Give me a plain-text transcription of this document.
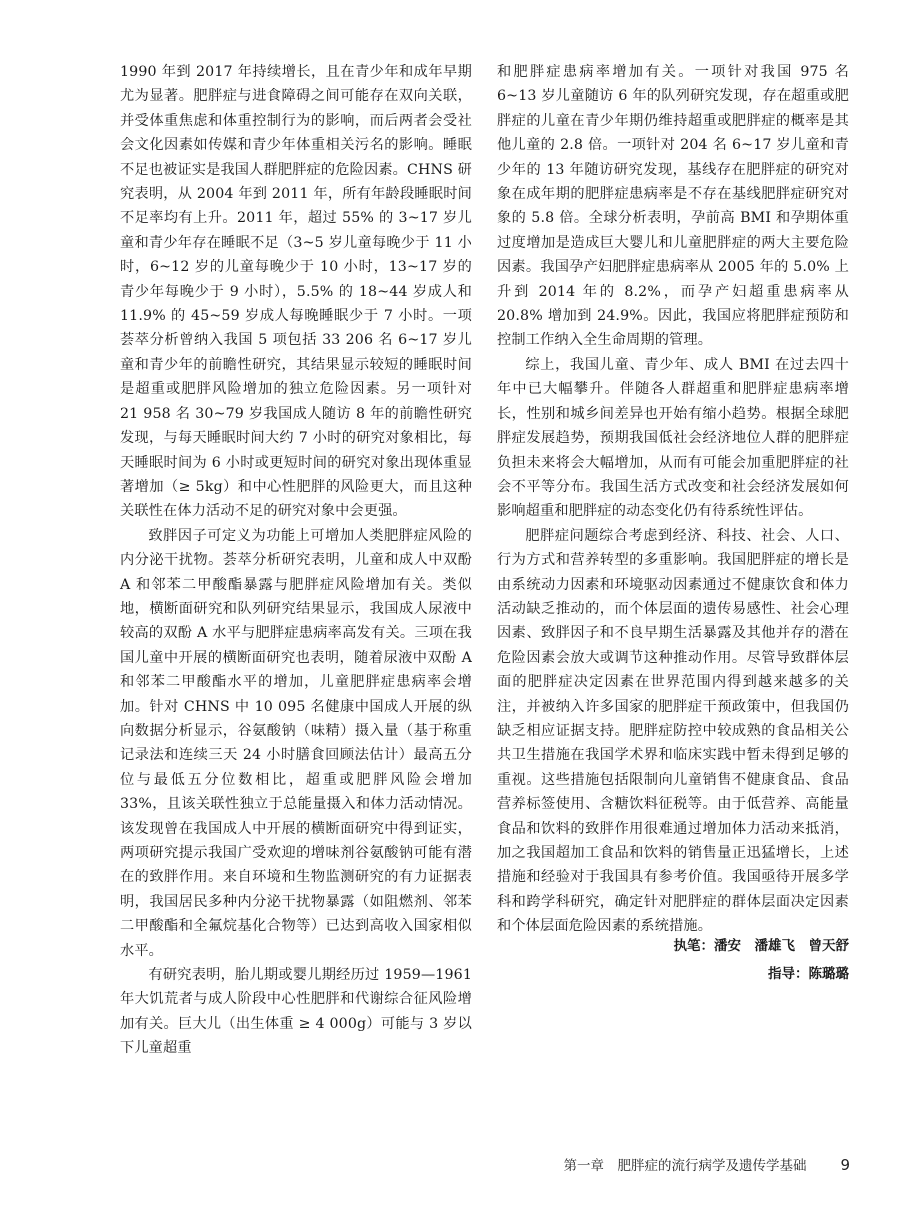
1990 年到 2017 年持续增长，且在青少年和成年早期尤为显著。肥胖症与进食障碍之间可能存在双向关联，并受体重焦虑和体重控制行为的影响，而后两者会受社会文化因素如传媒和青少年体重相关污名的影响。睡眠不足也被证实是我国人群肥胖症的危险因素。CHNS 研究表明，从 2004 年到 2011 年，所有年龄段睡眠时间不足率均有上升。2011 年，超过 55% 的 3~17 岁儿童和青少年存在睡眠不足（3~5 岁儿童每晚少于 11 小时，6~12 岁的儿童每晚少于 10 小时，13~17 岁的青少年每晚少于 9 小时），5.5% 的 18~44 岁成人和 11.9% 的 45~59 岁成人每晚睡眠少于 7 小时。一项荟萃分析曾纳入我国 5 项包括 33 206 名 6~17 岁儿童和青少年的前瞻性研究，其结果显示较短的睡眠时间是超重或肥胖风险增加的独立危险因素。另一项针对 21 958 名 30~79 岁我国成人随访 8 年的前瞻性研究发现，与每天睡眠时间大约 7 小时的研究对象相比，每天睡眠时间为 6 小时或更短时间的研究对象出现体重显著增加（≥ 5kg）和中心性肥胖的风险更大，而且这种关联性在体力活动不足的研究对象中会更强。

致胖因子可定义为功能上可增加人类肥胖症风险的内分泌干扰物。荟萃分析研究表明，儿童和成人中双酚 A 和邻苯二甲酸酯暴露与肥胖症风险增加有关。类似地，横断面研究和队列研究结果显示，我国成人尿液中较高的双酚 A 水平与肥胖症患病率高发有关。三项在我国儿童中开展的横断面研究也表明，随着尿液中双酚 A 和邻苯二甲酸酯水平的增加，儿童肥胖症患病率会增加。针对 CHNS 中 10 095 名健康中国成人开展的纵向数据分析显示，谷氨酸钠（味精）摄入量（基于称重记录法和连续三天 24 小时膳食回顾法估计）最高五分位与最低五分位数相比，超重或肥胖风险会增加 33%，且该关联性独立于总能量摄入和体力活动情况。该发现曾在我国成人中开展的横断面研究中得到证实，两项研究提示我国广受欢迎的增味剂谷氨酸钠可能有潜在的致胖作用。来自环境和生物监测研究的有力证据表明，我国居民多种内分泌干扰物暴露（如阻燃剂、邻苯二甲酸酯和全氟烷基化合物等）已达到高收入国家相似水平。

有研究表明，胎儿期或婴儿期经历过 1959—1961 年大饥荒者与成人阶段中心性肥胖和代谢综合征风险增加有关。巨大儿（出生体重 ≥ 4 000g）可能与 3 岁以下儿童超重

和肥胖症患病率增加有关。一项针对我国 975 名 6~13 岁儿童随访 6 年的队列研究发现，存在超重或肥胖症的儿童在青少年期仍维持超重或肥胖症的概率是其他儿童的 2.8 倍。一项针对 204 名 6~17 岁儿童和青少年的 13 年随访研究发现，基线存在肥胖症的研究对象在成年期的肥胖症患病率是不存在基线肥胖症研究对象的 5.8 倍。全球分析表明，孕前高 BMI 和孕期体重过度增加是造成巨大婴儿和儿童肥胖症的两大主要危险因素。我国孕产妇肥胖症患病率从 2005 年的 5.0% 上升到 2014 年的 8.2%，而孕产妇超重患病率从 20.8% 增加到 24.9%。因此，我国应将肥胖症预防和控制工作纳入全生命周期的管理。

综上，我国儿童、青少年、成人 BMI 在过去四十年中已大幅攀升。伴随各人群超重和肥胖症患病率增长，性别和城乡间差异也开始有缩小趋势。根据全球肥胖症发展趋势，预期我国低社会经济地位人群的肥胖症负担未来将会大幅增加，从而有可能会加重肥胖症的社会不平等分布。我国生活方式改变和社会经济发展如何影响超重和肥胖症的动态变化仍有待系统性评估。

肥胖症问题综合考虑到经济、科技、社会、人口、行为方式和营养转型的多重影响。我国肥胖症的增长是由系统动力因素和环境驱动因素通过不健康饮食和体力活动缺乏推动的，而个体层面的遗传易感性、社会心理因素、致胖因子和不良早期生活暴露及其他并存的潜在危险因素会放大或调节这种推动作用。尽管导致群体层面的肥胖症决定因素在世界范围内得到越来越多的关注，并被纳入许多国家的肥胖症干预政策中，但我国仍缺乏相应证据支持。肥胖症防控中较成熟的食品相关公共卫生措施在我国学术界和临床实践中暂未得到足够的重视。这些措施包括限制向儿童销售不健康食品、食品营养标签使用、含糖饮料征税等。由于低营养、高能量食品和饮料的致胖作用很难通过增加体力活动来抵消，加之我国超加工食品和饮料的销售量正迅猛增长，上述措施和经验对于我国具有参考价值。我国亟待开展多学科和跨学科研究，确定针对肥胖症的群体层面决定因素和个体层面危险因素的系统措施。

执笔：潘安　潘雄飞　曾天舒
指导：陈璐璐
第一章　肥胖症的流行病学及遗传学基础 9
